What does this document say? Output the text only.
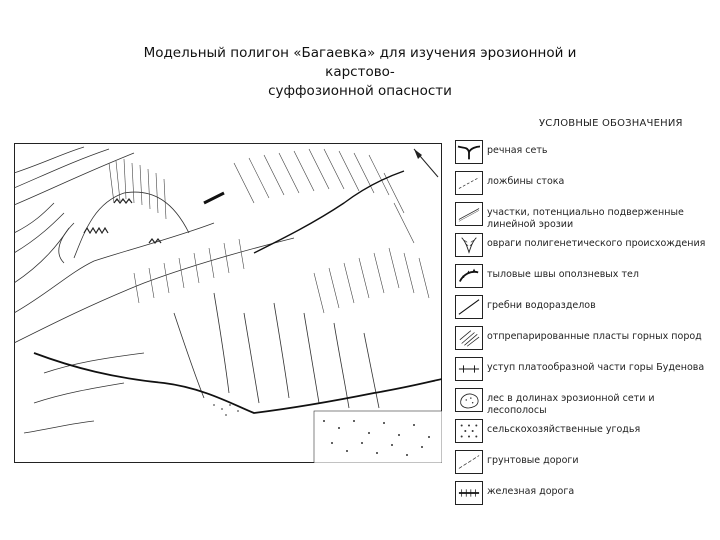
Модельный полигон «Багаевка» для изучения эрозионной и карстово-
суффозионной опасности
УСЛОВНЫЕ ОБОЗНАЧЕНИЯ
речная сеть
ложбины стока
участки, потенциально подверженные линейной эрозии
овраги полигенетического происхождения
тыловые швы оползневых тел
гребни водоразделов
отпрепарированные пласты горных пород
уступ платообразной части горы Буденова
лес в долинах эрозионной сети и лесополосы
сельскохозяйственные угодья
грунтовые дороги
железная дорога
